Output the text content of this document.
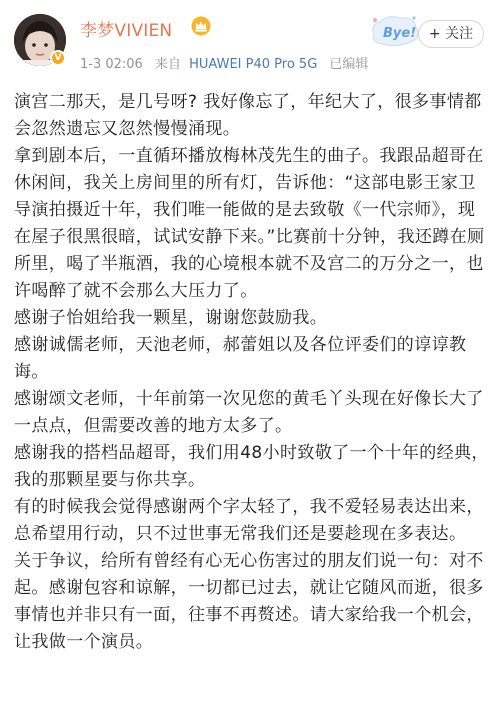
V
李梦VIVIEN
1-3 02:06 来自 HUAWEI P40 Pro 5G 已编辑
Bye! + 关注

演宫二那天，是几号呀? 我好像忘了，年纪大了，很多事情都会忽然遗忘又忽然慢慢涌现。

拿到剧本后，一直循环播放梅林茂先生的曲子。我跟品超哥在休闲间，我关上房间里的所有灯，告诉他：“这部电影王家卫导演拍摄近十年，我们唯一能做的是去致敬《一代宗师》，现在屋子很黑很暗，试试安静下来。”比赛前十分钟，我还蹲在厕所里，喝了半瓶酒，我的心境根本就不及宫二的万分之一，也许喝醉了就不会那么大压力了。

感谢子怡姐给我一颗星，谢谢您鼓励我。

感谢诚儒老师，天池老师，郝蕾姐以及各位评委们的谆谆教诲。

感谢颂文老师，十年前第一次见您的黄毛丫头现在好像长大了一点点，但需要改善的地方太多了。

感谢我的搭档品超哥，我们用48小时致敬了一个十年的经典，我的那颗星要与你共享。

有的时候我会觉得感谢两个字太轻了，我不爱轻易表达出来，总希望用行动，只不过世事无常我们还是要趁现在多表达。

关于争议，给所有曾经有心无心伤害过的朋友们说一句：对不起。感谢包容和谅解，一切都已过去，就让它随风而逝，很多事情也并非只有一面，往事不再赘述。请大家给我一个机会，让我做一个演员。
